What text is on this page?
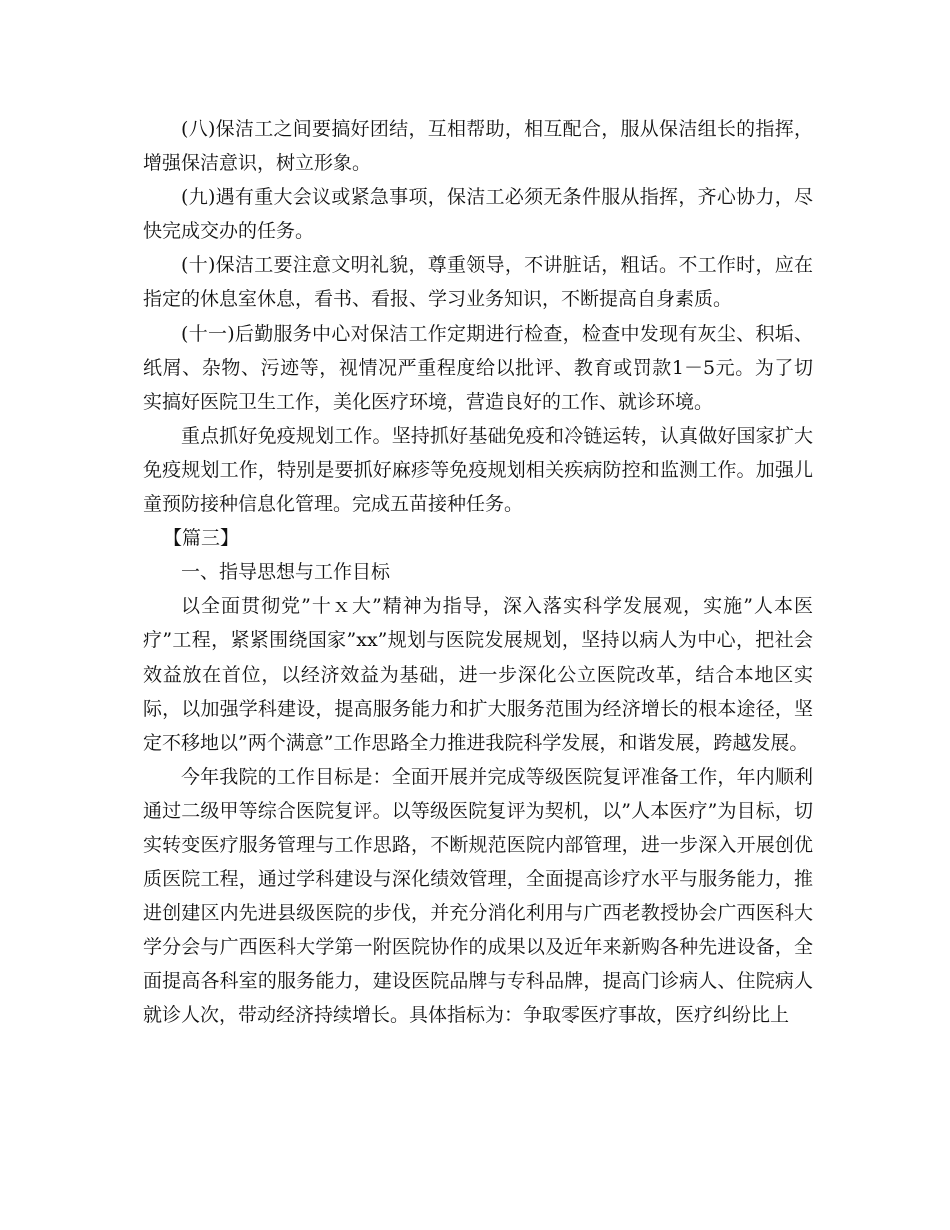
(八)保洁工之间要搞好团结，互相帮助，相互配合，服从保洁组长的指挥，增强保洁意识，树立形象。

(九)遇有重大会议或紧急事项，保洁工必须无条件服从指挥，齐心协力，尽快完成交办的任务。

(十)保洁工要注意文明礼貌，尊重领导，不讲脏话，粗话。不工作时，应在指定的休息室休息，看书、看报、学习业务知识，不断提高自身素质。

(十一)后勤服务中心对保洁工作定期进行检查，检查中发现有灰尘、积垢、纸屑、杂物、污迹等，视情况严重程度给以批评、教育或罚款1－5元。为了切实搞好医院卫生工作，美化医疗环境，营造良好的工作、就诊环境。

重点抓好免疫规划工作。坚持抓好基础免疫和冷链运转，认真做好国家扩大免疫规划工作，特别是要抓好麻疹等免疫规划相关疾病防控和监测工作。加强儿童预防接种信息化管理。完成五苗接种任务。

【篇三】

一、指导思想与工作目标

以全面贯彻党”十ｘ大”精神为指导，深入落实科学发展观，实施”人本医疗”工程，紧紧围绕国家”xx”规划与医院发展规划，坚持以病人为中心，把社会效益放在首位，以经济效益为基础，进一步深化公立医院改革，结合本地区实际，以加强学科建设，提高服务能力和扩大服务范围为经济增长的根本途径，坚定不移地以”两个满意”工作思路全力推进我院科学发展，和谐发展，跨越发展。

今年我院的工作目标是：全面开展并完成等级医院复评准备工作，年内顺利通过二级甲等综合医院复评。以等级医院复评为契机，以”人本医疗”为目标，切实转变医疗服务管理与工作思路，不断规范医院内部管理，进一步深入开展创优质医院工程，通过学科建设与深化绩效管理，全面提高诊疗水平与服务能力，推进创建区内先进县级医院的步伐，并充分消化利用与广西老教授协会广西医科大学分会与广西医科大学第一附医院协作的成果以及近年来新购各种先进设备，全面提高各科室的服务能力，建设医院品牌与专科品牌，提高门诊病人、住院病人就诊人次，带动经济持续增长。具体指标为：争取零医疗事故，医疗纠纷比上
